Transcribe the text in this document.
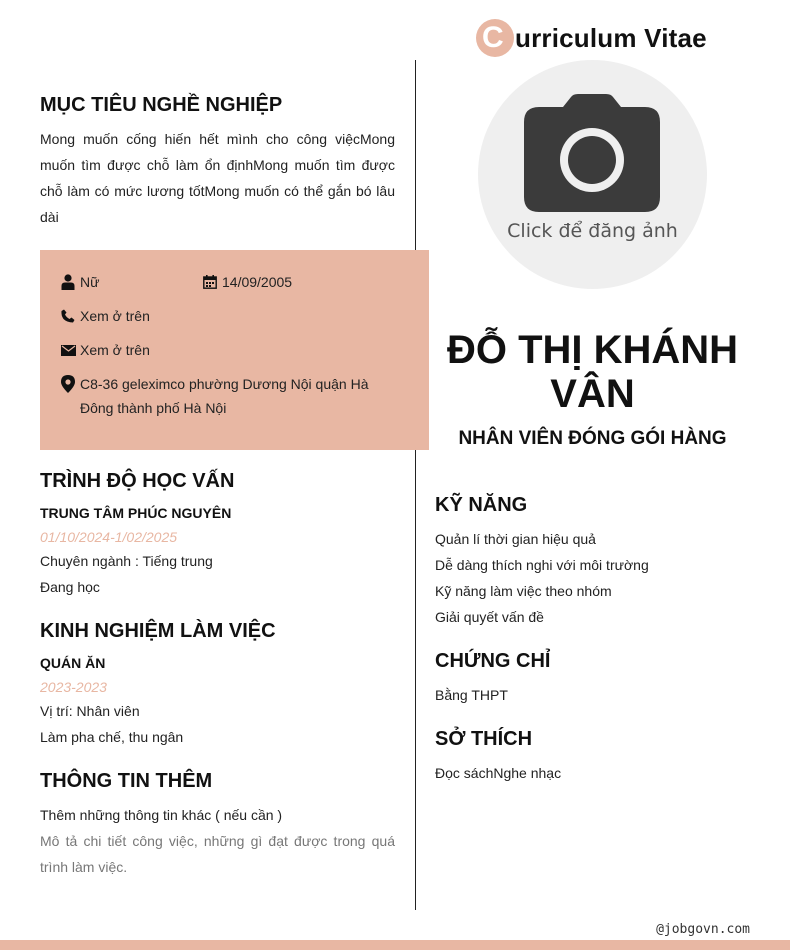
C urriculum Vitae
Click để đăng ảnh
ĐỖ THỊ KHÁNH VÂN
NHÂN VIÊN ĐÓNG GÓI HÀNG
MỤC TIÊU NGHỀ NGHIỆP
Mong muốn cống hiến hết mình cho công việcMong muốn tìm được chỗ làm ổn địnhMong muốn tìm được chỗ làm có mức lương tốtMong muốn có thể gắn bó lâu dài
Nữ	14/09/2005
Xem ở trên
Xem ở trên
C8-36 geleximco phường Dương Nội quận Hà Đông thành phố Hà Nội
TRÌNH ĐỘ HỌC VẤN
TRUNG TÂM PHÚC NGUYÊN
01/10/2024-1/02/2025
Chuyên ngành : Tiếng trung
Đang học
KINH NGHIỆM LÀM VIỆC
QUÁN ĂN
2023-2023
Vị trí: Nhân viên
Làm pha chế, thu ngân
THÔNG TIN THÊM
Thêm những thông tin khác ( nếu cần )
Mô tả chi tiết công việc, những gì đạt được trong quá trình làm việc.
KỸ NĂNG
Quản lí thời gian hiệu quả
Dễ dàng thích nghi với môi trường
Kỹ năng làm việc theo nhóm
Giải quyết vấn đề
CHỨNG CHỈ
Bằng THPT
SỞ THÍCH
Đọc sáchNghe nhạc
@jobgovn.com
